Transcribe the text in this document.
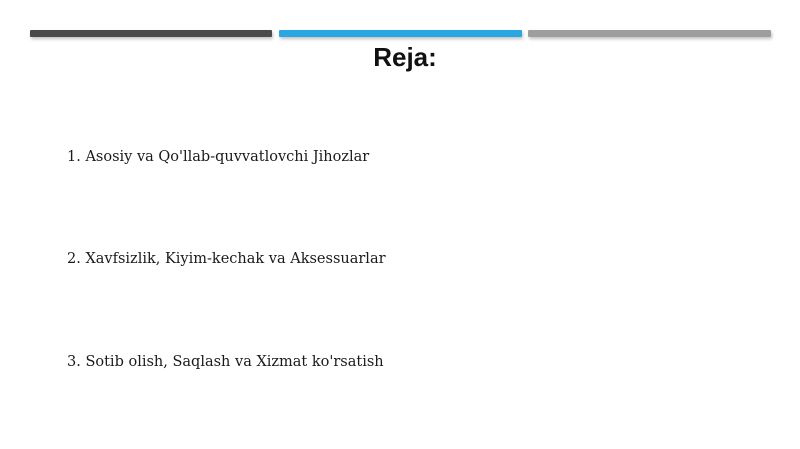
Reja:
1. Asosiy va Qo'llab-quvvatlovchi Jihozlar
2. Xavfsizlik, Kiyim-kechak va Aksessuarlar
3. Sotib olish, Saqlash va Xizmat ko'rsatish
